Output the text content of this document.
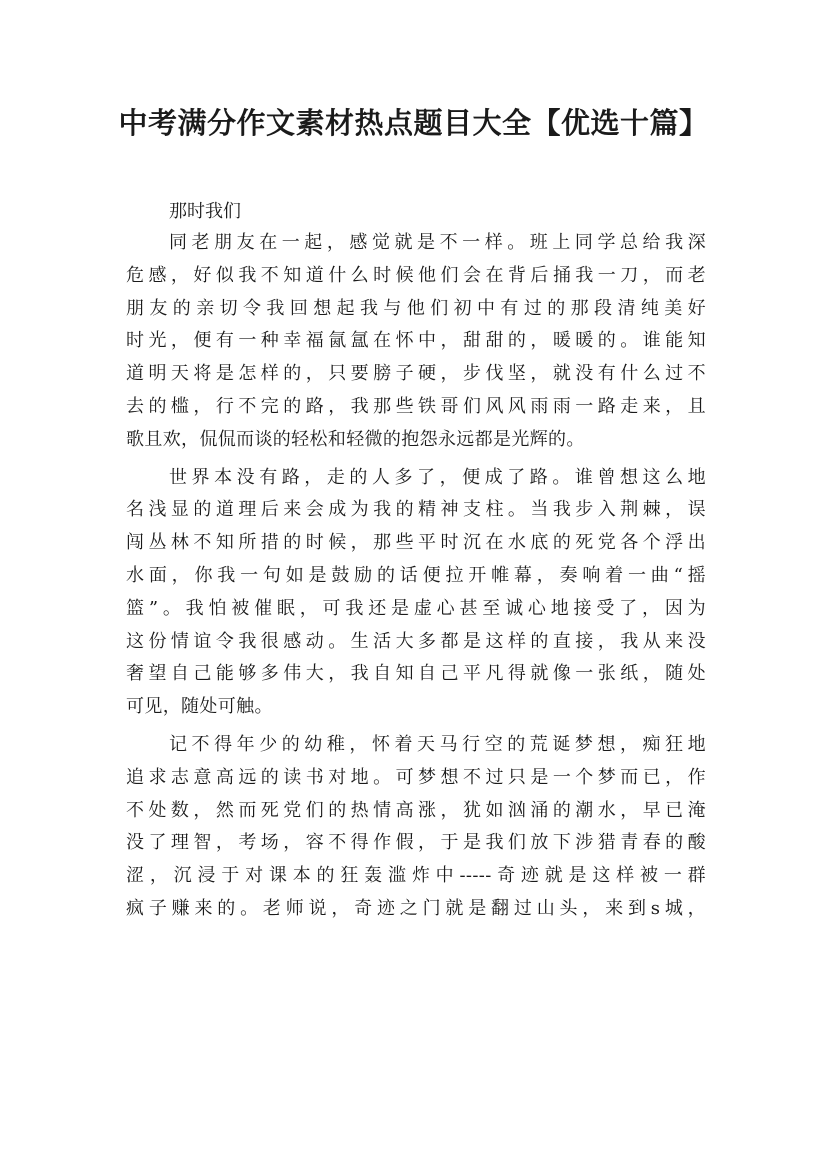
中考满分作文素材热点题目大全【优选十篇】
那时我们

同老朋友在一起，感觉就是不一样。班上同学总给我深

危感，好似我不知道什么时候他们会在背后捅我一刀，而老

朋友的亲切令我回想起我与他们初中有过的那段清纯美好

时光，便有一种幸福氤氲在怀中，甜甜的，暖暖的。谁能知

道明天将是怎样的，只要膀子硬，步伐坚，就没有什么过不

去的槛，行不完的路，我那些铁哥们风风雨雨一路走来，且

歌且欢，侃侃而谈的轻松和轻微的抱怨永远都是光辉的。

世界本没有路，走的人多了，便成了路。谁曾想这么地

名浅显的道理后来会成为我的精神支柱。当我步入荆棘，误

闯丛林不知所措的时候，那些平时沉在水底的死党各个浮出

水面，你我一句如是鼓励的话便拉开帷幕，奏响着一曲“摇

篮”。我怕被催眠，可我还是虚心甚至诚心地接受了，因为

这份情谊令我很感动。生活大多都是这样的直接，我从来没

奢望自己能够多伟大，我自知自己平凡得就像一张纸，随处

可见，随处可触。

记不得年少的幼稚，怀着天马行空的荒诞梦想，痴狂地

追求志意高远的读书对地。可梦想不过只是一个梦而已，作

不处数，然而死党们的热情高涨，犹如汹涌的潮水，早已淹

没了理智，考场，容不得作假，于是我们放下涉猎青春的酸

涩，沉浸于对课本的狂轰滥炸中-----奇迹就是这样被一群

疯子赚来的。老师说，奇迹之门就是翻过山头，来到s城，
